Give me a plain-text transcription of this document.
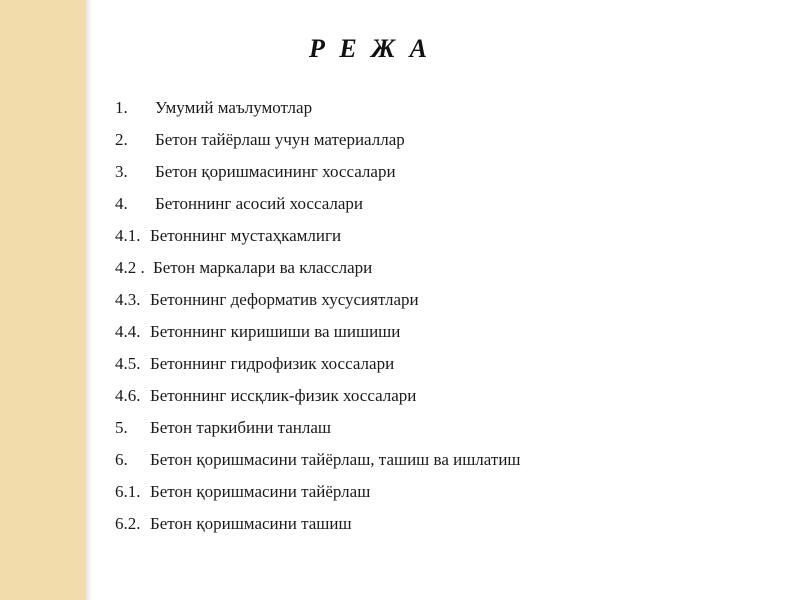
Р Е Ж А
1. Умумий маълумотлар
2. Бетон тайёрлаш учун материаллар
3. Бетон қоришмасининг хоссалари
4. Бетоннинг асосий хоссалари
4.1. Бетоннинг мустаҳкамлиги
4.2 . Бетон маркалари ва класслари
4.3. Бетоннинг деформатив хусусиятлари
4.4. Бетоннинг киришиши ва шишиши
4.5. Бетоннинг гидрофизик хоссалари
4.6. Бетоннинг иссқлик-физик хоссалари
5. Бетон таркибини танлаш
6. Бетон қоришмасини тайёрлаш, ташиш ва ишлатиш
6.1. Бетон қоришмасини тайёрлаш
6.2. Бетон қоришмасини ташиш
